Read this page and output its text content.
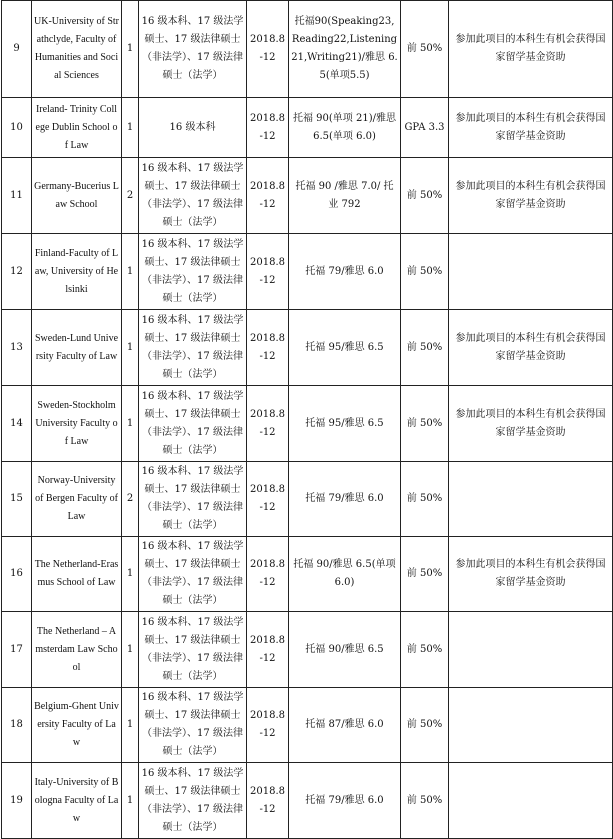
9	UK-University of Strathclyde, Faculty of Humanities and Social Sciences	1	16 级本科、17 级法学硕士、17 级法律硕士（非法学）、17 级法律硕士（法学）	2018.8-12	托福90(Speaking23,Reading22,Listening21,Writing21)/雅思 6.5(单项5.5)	前 50%	参加此项目的本科生有机会获得国家留学基金资助
10	Ireland- Trinity College Dublin School of Law	1	16 级本科	2018.8-12	托福 90(单项 21)/雅思 6.5(单项 6.0)	GPA 3.3	参加此项目的本科生有机会获得国家留学基金资助
11	Germany-Bucerius Law School	2	16 级本科、17 级法学硕士、17 级法律硕士（非法学）、17 级法律硕士（法学）	2018.8-12	托福 90 /雅思 7.0/ 托业 792	前 50%	参加此项目的本科生有机会获得国家留学基金资助
12	Finland-Faculty of Law, University of Helsinki	1	16 级本科、17 级法学硕士、17 级法律硕士（非法学）、17 级法律硕士（法学）	2018.8-12	托福 79/雅思 6.0	前 50%	
13	Sweden-Lund University Faculty of Law	1	16 级本科、17 级法学硕士、17 级法律硕士（非法学）、17 级法律硕士（法学）	2018.8-12	托福 95/雅思 6.5	前 50%	参加此项目的本科生有机会获得国家留学基金资助
14	Sweden-Stockholm University Faculty of Law	1	16 级本科、17 级法学硕士、17 级法律硕士（非法学）、17 级法律硕士（法学）	2018.8-12	托福 95/雅思 6.5	前 50%	参加此项目的本科生有机会获得国家留学基金资助
15	Norway-University of Bergen Faculty of Law	2	16 级本科、17 级法学硕士、17 级法律硕士（非法学）、17 级法律硕士（法学）	2018.8-12	托福 79/雅思 6.0	前 50%	
16	The Netherland-Erasmus School of Law	1	16 级本科、17 级法学硕士、17 级法律硕士（非法学）、17 级法律硕士（法学）	2018.8-12	托福 90/雅思 6.5(单项 6.0)	前 50%	参加此项目的本科生有机会获得国家留学基金资助
17	The Netherland – Amsterdam Law School	1	16 级本科、17 级法学硕士、17 级法律硕士（非法学）、17 级法律硕士（法学）	2018.8-12	托福 90/雅思 6.5	前 50%	
18	Belgium-Ghent University Faculty of Law	1	16 级本科、17 级法学硕士、17 级法律硕士（非法学）、17 级法律硕士（法学）	2018.8-12	托福 87/雅思 6.0	前 50%	
19	Italy-University of Bologna Faculty of Law	1	16 级本科、17 级法学硕士、17 级法律硕士（非法学）、17 级法律硕士（法学）	2018.8-12	托福 79/雅思 6.0	前 50%	
